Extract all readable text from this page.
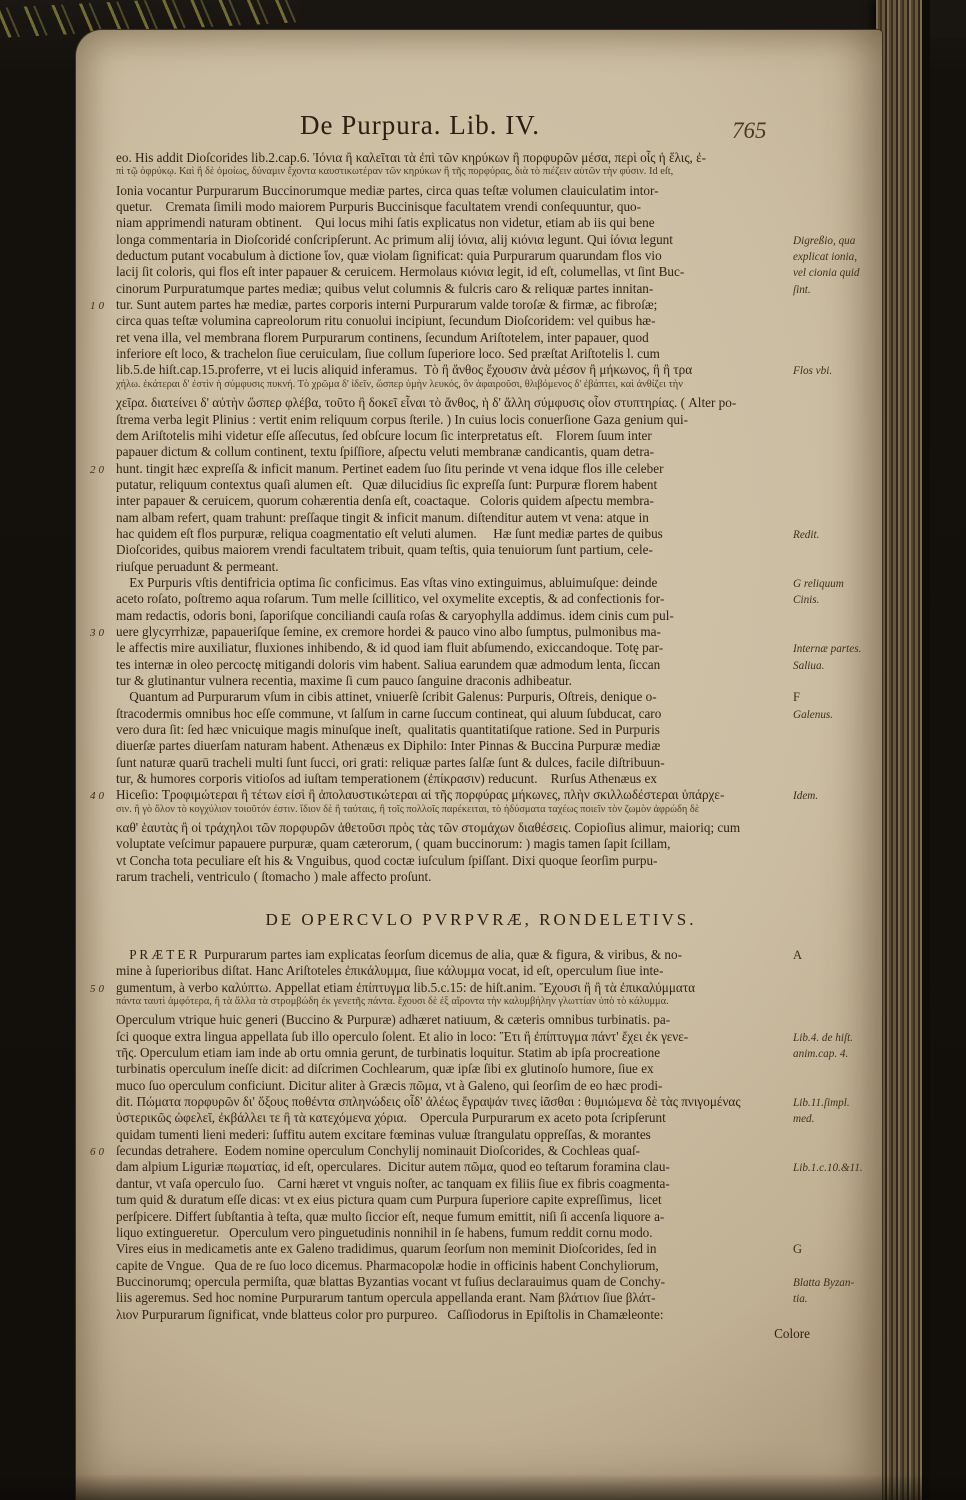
De Purpura. Lib. IV.	765
eo. His addit Dioſcorides lib.2.cap.6. Ἰόνια ἢ καλεῖται τὰ ἐπὶ τῶν κηρύκων ἢ πορφυρῶν μέσα, περὶ οἷς ἡ ἕλις, ἐ-
πὶ τῷ ὀφρύκῳ. Καὶ ἢ δὲ ὁμοίως, δύναμιν ἔχοντα καυστικωτέραν τῶν κηρύκων ἢ τῆς πορφύρας, διὰ τὸ πιέζειν αὐτῶν τὴν φύσιν. Id eſt,
Ionia vocantur Purpurarum Buccinorumque mediæ partes, circa quas teſtæ volumen clauiculatim intor-
quetur.    Cremata ſimili modo maiorem Purpuris Buccinisque facultatem vrendi conſequuntur, quo-
niam apprimendi naturam obtinent.    Qui locus mihi ſatis explicatus non videtur, etiam ab iis qui bene
longa commentaria in Dioſcoridé conſcripſerunt. Ac primum alij ἰόνια, alij κιόνια legunt. Qui ἰόνια legunt	Digreßio, qua
deductum putant vocabulum à dictione ἴον, quæ violam ſignificat: quia Purpurarum quarundam flos vio	explicat ionia,
lacij ſit coloris, qui flos eſt inter papauer & ceruicem. Hermolaus κιόνια legit, id eſt, columellas, vt ſint Buc-	vel cionia quid
cinorum Purpuratumque partes mediæ; quibus velut columnis & fulcris caro & reliquæ partes innitan-	ſint.
10 tur. Sunt autem partes hæ mediæ, partes corporis interni Purpurarum valde toroſæ & firmæ, ac fibroſæ;
circa quas teſtæ volumina capreolorum ritu conuolui incipiunt, ſecundum Dioſcoridem: vel quibus hæ-
ret vena illa, vel membrana florem Purpurarum continens, ſecundum Ariſtotelem, inter papauer, quod
inferiore eſt loco, & trachelon ſiue ceruiculam, ſiue collum ſuperiore loco. Sed præſtat Ariſtotelis l. cum
lib.5.de hiſt.cap.15.proferre, vt ei lucis aliquid inferamus.  Τὸ ἢ ἄνθος ἔχουσιν ἀνὰ μέσον ἢ μήκωνος, ἢ ἢ τρα	Flos vbi.
χήλω. ἑκάτεραι δ' ἐστὶν ἡ σύμφυσις πυκνή. Τὸ χρῶμα δ' ἰδεῖν, ὥσπερ ὑμὴν λευκός, ὃν ἀφαιροῦσι, θλιβόμενος δ' ἐβάπτει, καὶ ἀνθίζει τὴν
χεῖρα. διατείνει δ' αὐτὴν ὥσπερ φλέβα, τοῦτο ἢ δοκεῖ εἶναι τὸ ἄνθος, ἡ δ' ἄλλη σύμφυσις οἷον στυπτηρίας. ( Alter po-
ſtrema verba legit Plinius : vertit enim reliquum corpus ſterile. ) In cuius locis conuerſione Gaza genium qui-
dem Ariſtotelis mihi videtur eſſe aſſecutus, ſed obſcure locum ſic interpretatus eſt.    Florem ſuum inter
papauer dictum & collum continent, textu ſpiſſiore, aſpectu veluti membranæ candicantis, quam detra-
20 hunt. tingit hæc expreſſa & inficit manum. Pertinet eadem ſuo ſitu perinde vt vena idque flos ille celeber
putatur, reliquum contextus quaſi alumen eſt.   Quæ dilucidius ſic expreſſa ſunt: Purpuræ florem habent
inter papauer & ceruicem, quorum cohærentia denſa eſt, coactaque.   Coloris quidem aſpectu membra-
nam albam refert, quam trahunt: preſſaque tingit & inficit manum. diſtenditur autem vt vena: atque in
hac quidem eſt flos purpuræ, reliqua coagmentatio eſt veluti alumen.     Hæ ſunt mediæ partes de quibus	Redit.
Dioſcorides, quibus maiorem vrendi facultatem tribuit, quam teſtis, quia tenuiorum ſunt partium, cele-
riuſque peruadunt & permeant.
Ex Purpuris vſtis dentifricia optima ſic conficimus. Eas vſtas vino extinguimus, abluimuſque: deinde	G reliquum
aceto roſato, poſtremo aqua roſarum. Tum melle ſcillitico, vel oxymelite exceptis, & ad confectionis for-	Cinis.
mam redactis, odoris boni, ſaporiſque conciliandi cauſa roſas & caryophylla addimus. idem cinis cum pul-
30 uere glycyrrhizæ, papaueriſque ſemine, ex cremore hordei & pauco vino albo ſumptus, pulmonibus ma-
le affectis mire auxiliatur, fluxiones inhibendo, & id quod iam fluit abſumendo, exiccandoque. Totę par-	Internæ partes.
tes internæ in oleo percoctę mitigandi doloris vim habent. Saliua earundem quæ admodum lenta, ſiccan	Saliua.
tur & glutinantur vulnera recentia, maxime ſi cum pauco ſanguine draconis adhibeatur.
Quantum ad Purpurarum vſum in cibis attinet, vniuerſè ſcribit Galenus: Purpuris, Oſtreis, denique o-	F
ſtracodermis omnibus hoc eſſe commune, vt ſalſum in carne ſuccum contineat, qui aluum ſubducat, caro	Galenus.
vero dura ſit: ſed hæc vnicuique magis minuſque ineſt,  qualitatis quantitatiſque ratione. Sed in Purpuris
diuerſæ partes diuerſam naturam habent. Athenæus ex Diphilo: Inter Pinnas & Buccina Purpuræ mediæ
ſunt naturæ quarū tracheli multi ſunt ſucci, ori grati: reliquæ partes ſalſæ ſunt & dulces, facile diſtribuun-
tur, & humores corporis vitioſos ad iuſtam temperationem (ἐπίκρασιν) reducunt.    Rurſus Athenæus ex
40 Hiceſio: Τροφιμώτεραι ἢ τέτων εἰσὶ ἢ ἀπολαυστικώτεραι αἱ τῆς πορφύρας μήκωνες, πλὴν σκιλλωδέστεραι ὑπάρχε-	Idem.
σιν. ἢ γὸ ὅλον τὸ κογχύλιον τοιοῦτόν ἐστιν. ἴδιον δὲ ἢ ταύταις, ἢ τοῖς πολλοῖς παρέκειται, τὸ ἡδύσματα ταχέως ποιεῖν τὸν ζωμὸν ἀφρώδη δὲ
καθ' ἑαυτὰς ἢ οἱ τράχηλοι τῶν πορφυρῶν ἀθετοῦσι πρὸς τὰς τῶν στομάχων διαθέσεις. Copioſius alimur, maioriq; cum
voluptate veſcimur papauere purpuræ, quam cæterorum, ( quam buccinorum: ) magis tamen ſapit ſcillam,
vt Concha tota peculiare eſt his & Vnguibus, quod coctæ iuſculum ſpiſſant. Dixi quoque ſeorſim purpu-
rarum tracheli, ventriculo ( ſtomacho ) male affecto proſunt.
DE OPERCVLO PVRPVRÆ, RONDELETIVS.
P R Æ T E R  Purpurarum partes iam explicatas ſeorſum dicemus de alia, quæ & figura, & viribus, & no-	A
mine à ſuperioribus diſtat. Hanc Ariſtoteles ἐπικάλυμμα, ſiue κάλυμμα vocat, id eſt, operculum ſiue inte-
50 gumentum, à verbo καλύπτω. Appellat etiam ἐπίπτυγμα lib.5.c.15: de hiſt.anim. Ἔχουσι ἢ ἢ τὰ ἐπικαλύμματα
πάντα ταυτὶ ἀμφότερα, ἢ τὰ ἄλλα τὰ στρομβώδη ἐκ γενετῆς πάντα. ἔχουσι δὲ ἐξ αἵροντα τὴν καλυμβήλην γλωττίαν ὑπὸ τὸ κάλυμμα.
Operculum vtrique huic generi (Buccino & Purpuræ) adhæret natiuum, & cæteris omnibus turbinatis. pa-
ſci quoque extra lingua appellata ſub illo operculo ſolent. Et alio in loco: Ἔτι ἢ ἐπίπτυγμα πάντ' ἔχει ἐκ γενε-	Lib.4. de hiſt.
τῆς. Operculum etiam iam inde ab ortu omnia gerunt, de turbinatis loquitur. Statim ab ipſa procreatione	anim.cap. 4.
turbinatis operculum ineſſe dicit: ad diſcrimen Cochlearum, quæ ipſæ ſibi ex glutinoſo humore, ſiue ex
muco ſuo operculum conficiunt. Dicitur aliter à Græcis πῶμα, vt à Galeno, qui ſeorſim de eo hæc prodi-
dit. Πώματα πορφυρῶν δι' ὄξους ποθέντα σπληνώδεις οἶδ' ἀλέως ἔγραψάν τινες ἰᾶσθαι : θυμιώμενα δὲ τὰς πνιγομένας	Lib.11.ſimpl.
ὑστερικῶς ὠφελεῖ, ἐκβάλλει τε ἢ τὰ κατεχόμενα χόρια.    Opercula Purpurarum ex aceto pota ſcripſerunt	med.
quidam tumenti lieni mederi: ſuffitu autem excitare fœminas vuluæ ſtrangulatu oppreſſas, & morantes
60 ſecundas detrahere.  Eodem nomine operculum Conchylij nominauit Dioſcorides, & Cochleas quaſ-
dam alpium Liguriæ πωματίας, id eſt, operculares.  Dicitur autem πῶμα, quod eo teſtarum foramina clau-	Lib.1.c.10.&11.
dantur, vt vaſa operculo ſuo.    Carni hæret vt vnguis noſter, ac tanquam ex filiis ſiue ex fibris coagmenta-
tum quid & duratum eſſe dicas: vt ex eius pictura quam cum Purpura ſuperiore capite expreſſimus,  licet
perſpicere. Differt ſubſtantia à teſta, quæ multo ſiccior eſt, neque fumum emittit, niſi ſi accenſa liquore a-
liquo extingueretur.   Operculum vero pinguetudinis nonnihil in ſe habens, fumum reddit cornu modo.
Vires eius in medicametis ante ex Galeno tradidimus, quarum ſeorſum non meminit Dioſcorides, ſed in	G
capite de Vngue.   Qua de re ſuo loco dicemus. Pharmacopolæ hodie in officinis habent Conchyliorum,
Buccinorumq; opercula permiſta, quæ blattas Byzantias vocant vt fuſius declarauimus quam de Conchy-	Blatta Byzan-
liis ageremus. Sed hoc nomine Purpurarum tantum opercula appellanda erant. Nam βλάτιον ſiue βλάτ-	tia.
λιον Purpurarum ſignificat, vnde blatteus color pro purpureo.   Caſſiodorus in Epiſtolis in Chamæleonte:
Colore
